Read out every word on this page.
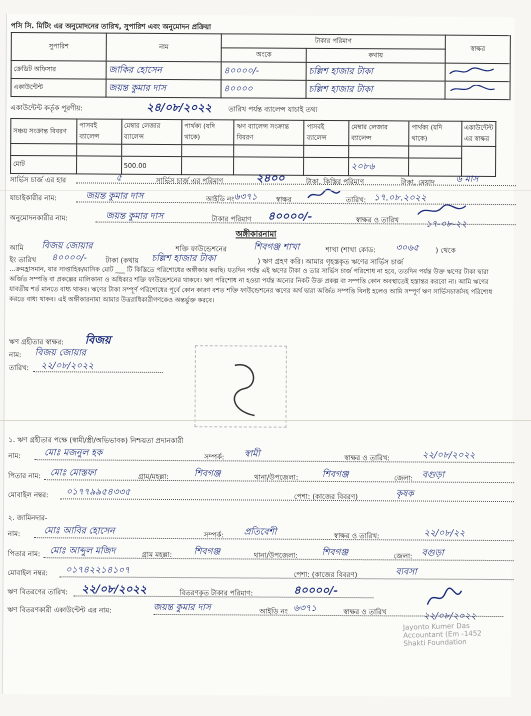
পসি সি. মিটিং এর অনুমোদনের তারিখ, সুপারিশ এবং অনুমোদন প্রক্রিয়া
সুপারিশ	নাম	টাকার পরিমাণ		স্বাক্ষর
		অংকে	কথায়	
ক্রেডিট অফিসার	জাকির হোসেন	৪০০০০/-	চল্লিশ হাজার টাকা	
একাউন্টেন্ট	জয়ন্ত কুমার দাস	৪০০০০	চল্লিশ হাজার টাকা	
একাউন্টেন্ট কর্তৃক পূরণীয়:	২৪/০৮/২০২২ তারিখ পর্যন্ত ব্যালেন্স যাচাই তথ্য
সঞ্চয় সংক্রান্ত বিবরণ	পাসবই ব্যালেন্স	মেম্বার লেজার ব্যালেন্স	পার্থক্য (যদি থাকে)	ঋণ ব্যালেন্স সংক্রান্ত বিবরণ	পাসবই ব্যালেন্স	মেম্বার লেজার ব্যালেন্স	পার্থক্য (যদি থাকে)	একাউন্টেন্ট এর স্বাক্ষর

মোট		500.00				২০৮৬		
সার্ভিস চার্জ এর হার	৫	সার্ভিস চার্জ এর পরিমাণ	২৪০০	টাকা, কিস্তির পরিমাণ	টাকা, মেয়াদ ৬ মাস
যাচাইকারীর নাম:	জয়ন্ত কুমার দাস	আইডি নং ৬৩৭১	স্বাক্ষর	তারিখ: ১৭.০৮.২০২২
অনুমোদনকারীর নাম:	জয়ন্ত কুমার দাস	টাকার পরিমাণ ৪০০০০/-	স্বাক্ষর ও তারিখ	১৭-০৮-২২
অঙ্গীকারনামা
আমি বিজয় জোয়ার	শক্তি ফাউন্ডেশনের	শিবগঞ্জ শাখা	শাখা (শাখা কোড: ৩০৬৫ ) থেকে
ইং তারিখ ৪০০০০/-	টাকা (কথায় চল্লিশ হাজার টাকা	) ঋণ গ্রহণ করি। আমার গৃহস্তকৃত ঋণের সার্ভিস চার্জ
...ক্রমহ্রাসমান, যার সাপ্তাহিক/মাসিক মোট ___ টি কিস্তিতে পরিশোধের অঙ্গীকার করছি। যতদিন পর্যন্ত এই ঋণের টাকা ও তার সার্ভিস চার্জ পরিশোধ না হবে, ততদিন পর্যন্ত উক্ত ঋণের টাকা দ্বারা অর্জিত সম্পত্তি বা প্রকল্পের মালিকানা ও অধিকার শক্তি ফাউন্ডেশনের থাকবে। ঋণ পরিশোধ না হওয়া পর্যন্ত অন্যের নিকট উক্ত প্রকল্প বা সম্পত্তি কোন অবস্থাতেই হস্তান্তর করবো না। আমি ঋণের যাবতীয় শর্ত মানতে বাধ্য থাকব। ঋণের টাকা সম্পূর্ণ পরিশোধের পূর্বে কোন কারণ বশত শক্তি ফাউন্ডেশনের ঋণের অর্থ দ্বারা অর্জিত সম্পত্তি বিনষ্ট হলেও আমি সম্পূর্ণ ঋণ সার্ভিসচার্জসহ পরিশোধ করতে বাধ্য থাকব। এই অঙ্গীকারনামা আমার উত্তরাধিকারীগণকেও অন্তর্ভুক্ত করবে।
ঋণ গ্রহীতার স্বাক্ষর: বিজয়
নাম: বিজয় জোয়ার
তারিখ: ২২/০৮/২০২২
১. ঋণ গ্রহীতার পক্ষে (স্বামী/স্ত্রী/অভিভাবক) নিশ্চয়তা প্রদানকারী
নাম:	মোঃ মজনুল হক	সম্পর্ক: স্বামী	স্বাক্ষর ও তারিখ:	২২/০৮/২০২২
পিতার নাম: মোঃ মোস্তফা	গ্রাম/মহল্লা:	শিবগঞ্জ	থানা/উপজেলা:	শিবগঞ্জ	জেলা: বগুড়া
মোবাইল নম্বর: ০১৭৭৯৯৫৪৩৩৫	পেশা: (কাজের বিবরণ)	কৃষক
২. জামিনদার-
নাম:	মোঃ আবির হোসেন	সম্পর্ক: প্রতিবেশী	স্বাক্ষর ও তারিখ:	২২/০৮/২২
পিতার নাম: মোঃ আব্দুল মজিদ	গ্রাম মহল্লা: শিবগঞ্জ	থানা/উপজেলা:	শিবগঞ্জ	জেলা: বগুড়া
মোবাইল নম্বর: ০১৭৪২২১৪১০৭	পেশা: (কাজের বিবরণ)	ব্যবসা
ঋণ বিতরণের তারিখ: ২২/০৮/২০২২	বিতরণকৃত টাকার পরিমাণ:	৪০০০০/-
ঋণ বিতরণকারী একাউন্টেন্ট এর নাম:	জয়ন্ত কুমার দাস	আইডি নং ৬৩৭১	স্বাক্ষর ও তারিখ	২২/০৮/২০২২
Jayonto Kumer Das
Accountant (Em -1452
Shakti Foundation
